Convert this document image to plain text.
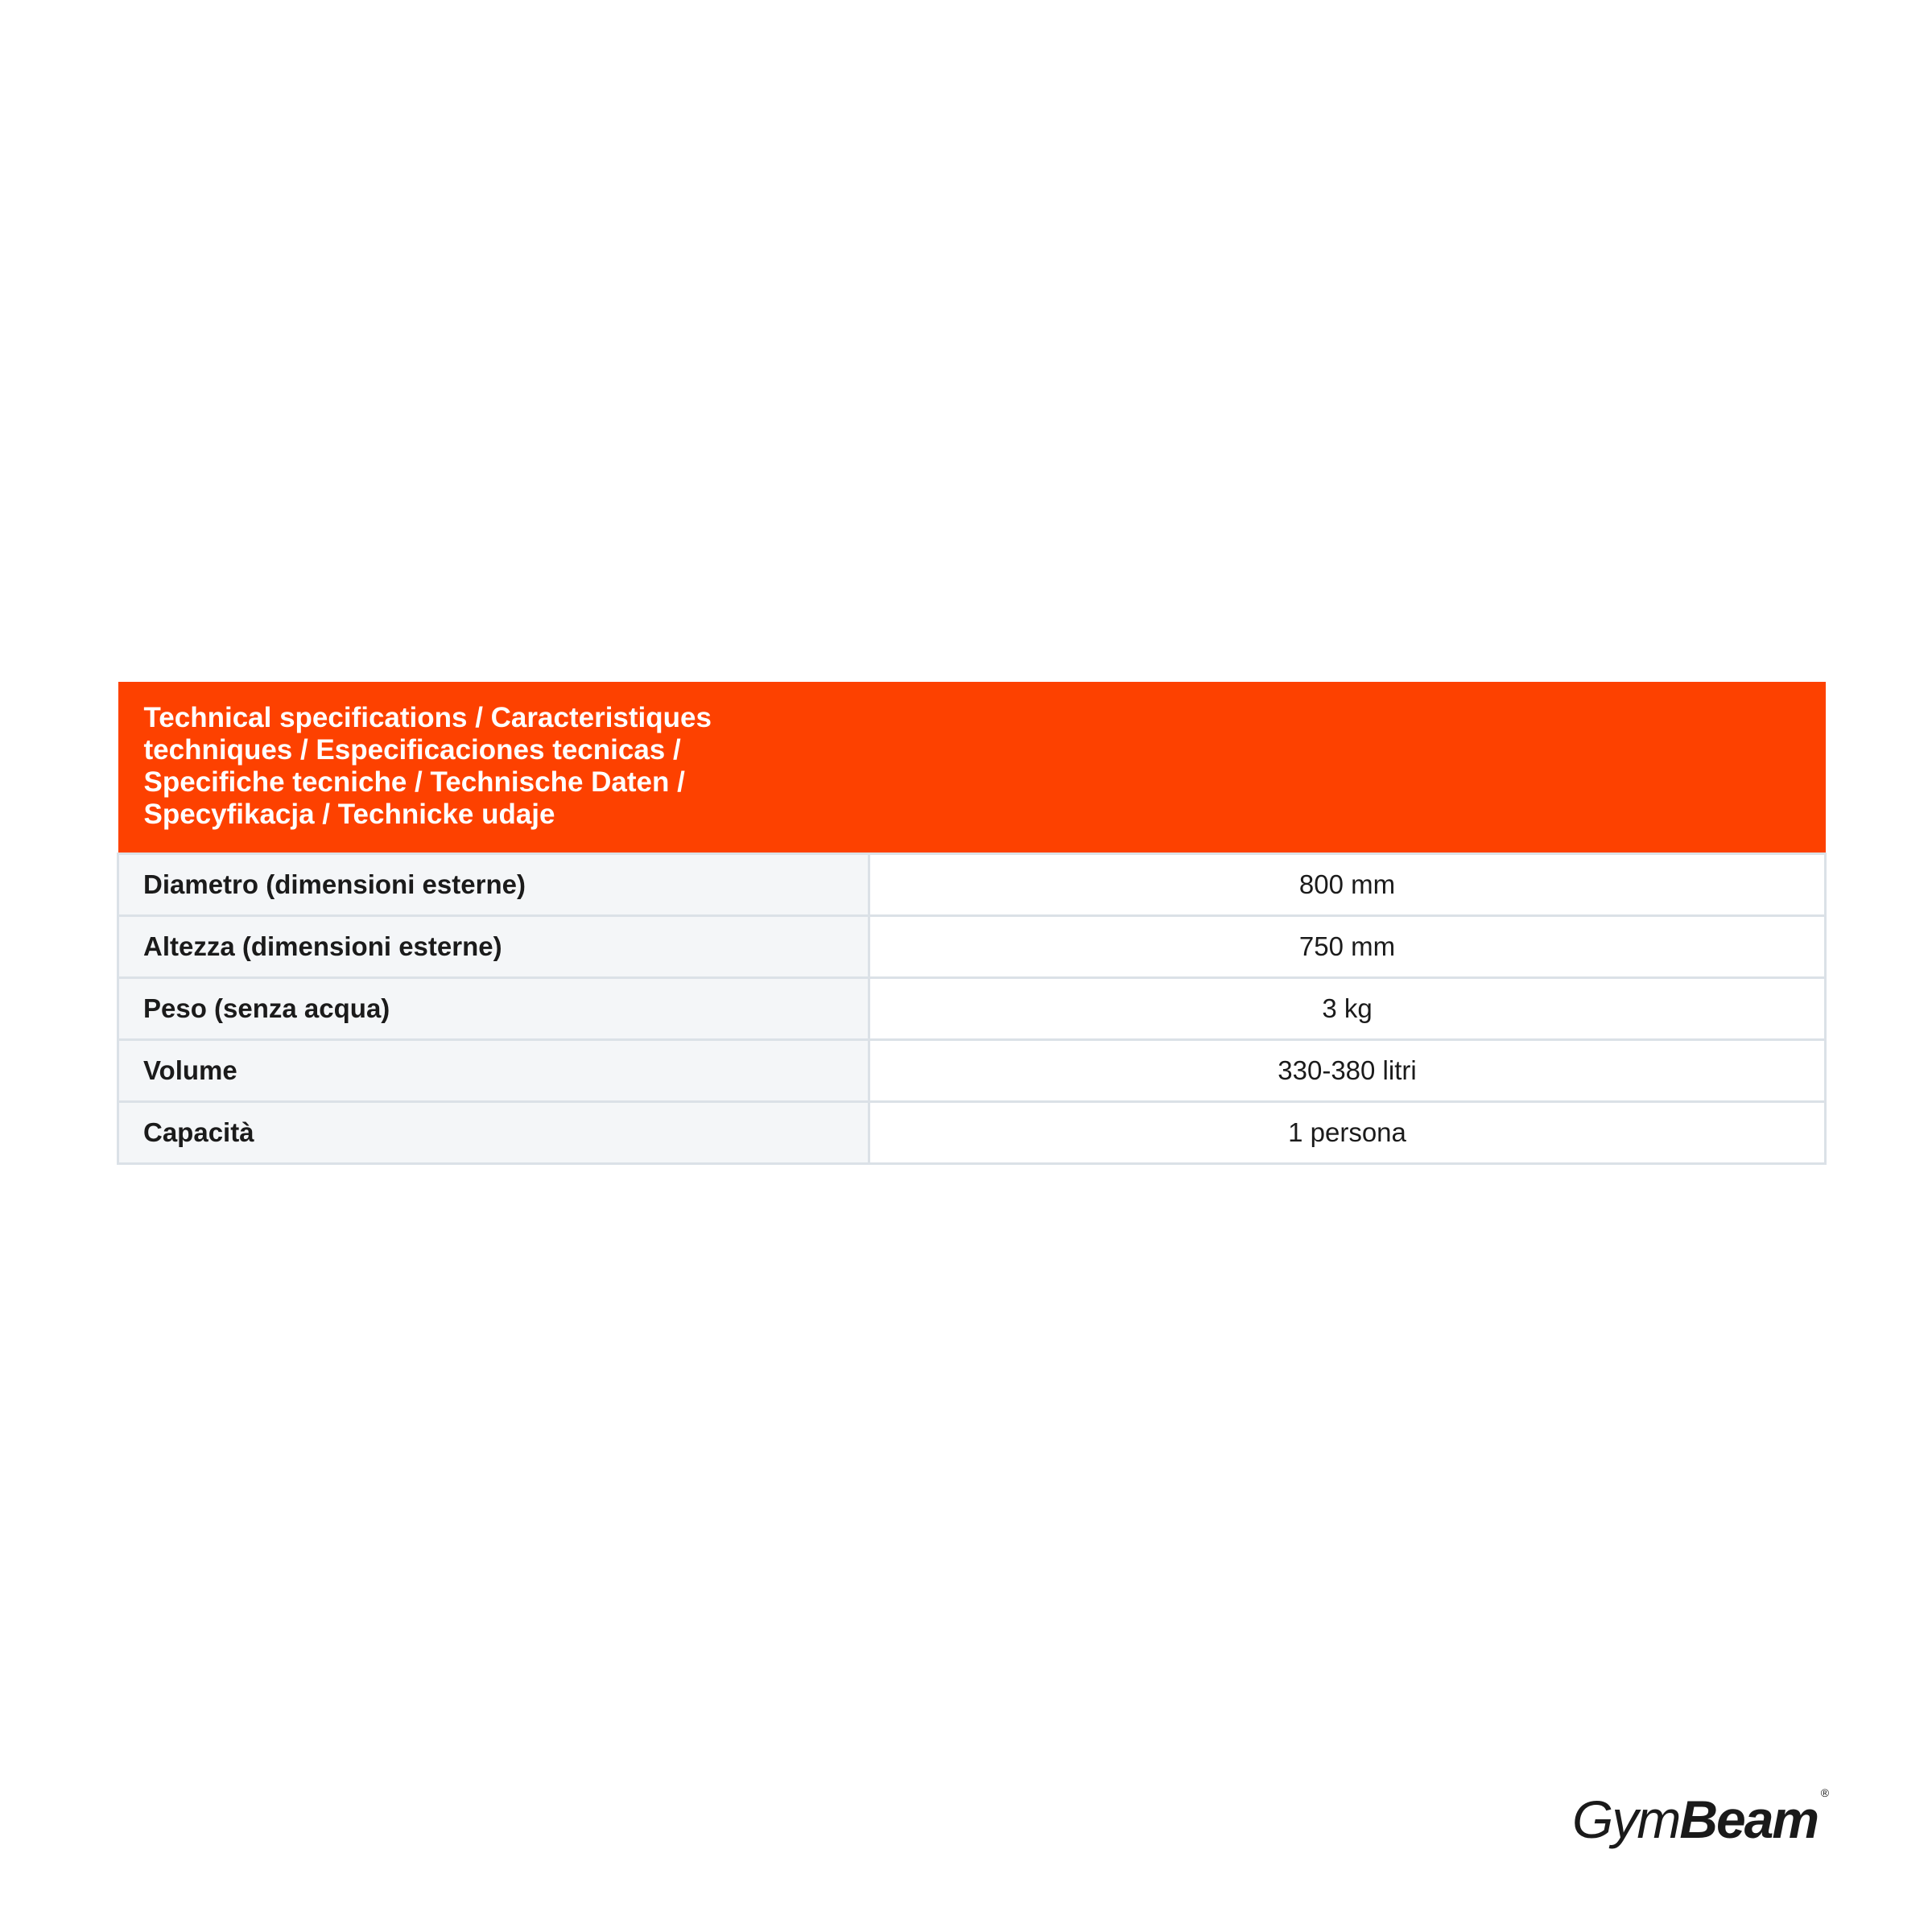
Technical specifications / Caracteristiques techniques / Especificaciones tecnicas / Specifiche tecniche / Technische Daten / Specyfikacja / Technicke udaje	

Diametro (dimensioni esterne)	800 mm
Altezza (dimensioni esterne)	750 mm
Peso (senza acqua)	3 kg
Volume	330-380 litri
Capacità	1 persona
GymBeam ®
